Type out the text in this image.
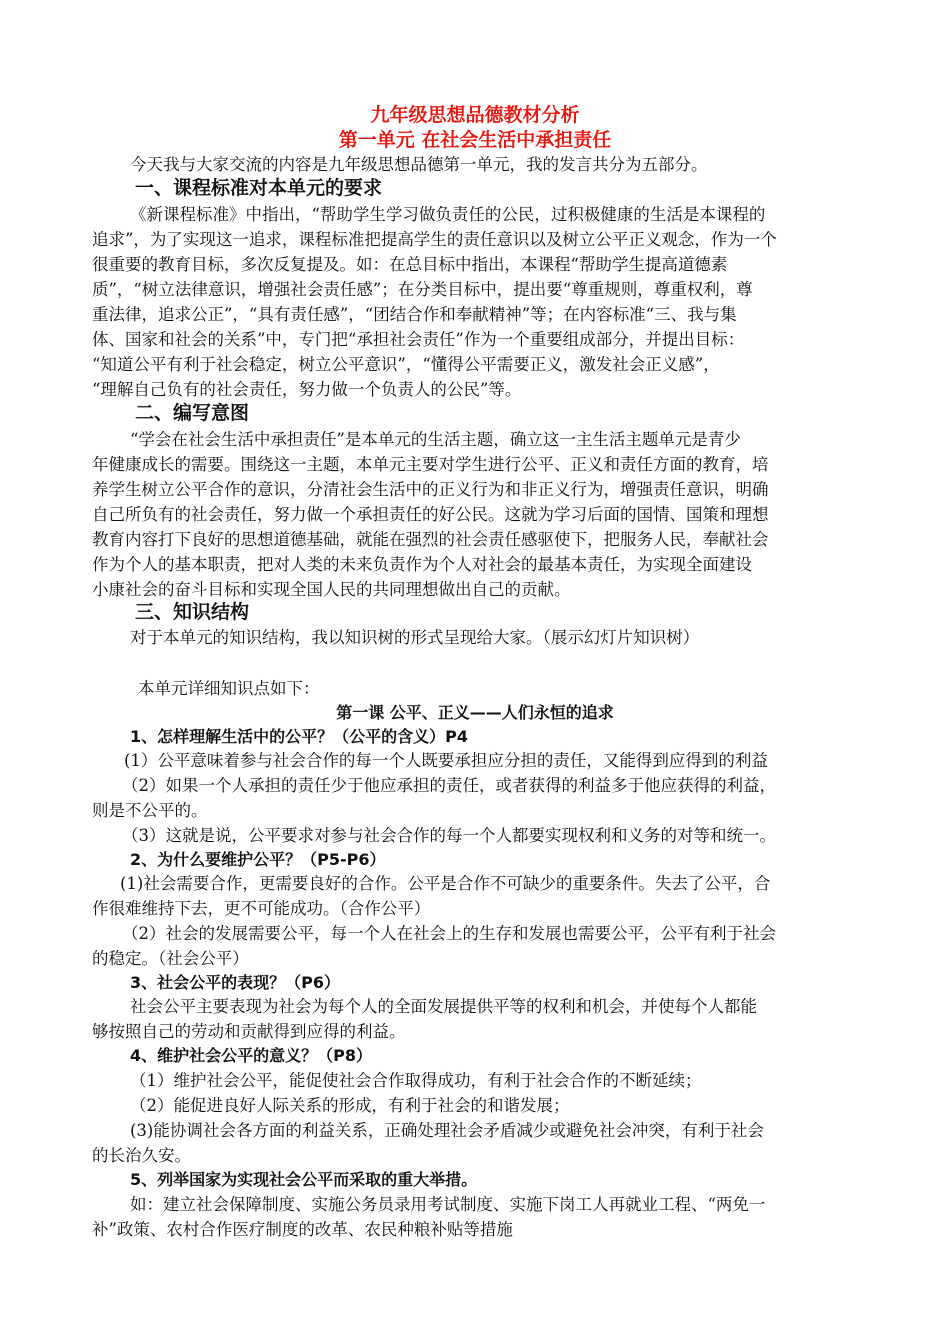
九年级思想品德教材分析
第一单元 在社会生活中承担责任
今天我与大家交流的内容是九年级思想品德第一单元，我的发言共分为五部分。
一、课程标准对本单元的要求
《新课程标准》中指出，“帮助学生学习做负责任的公民，过积极健康的生活是本课程的
追求”，为了实现这一追求，课程标准把提高学生的责任意识以及树立公平正义观念，作为一个
很重要的教育目标，多次反复提及。如：在总目标中指出，本课程“帮助学生提高道德素
质”，“树立法律意识，增强社会责任感”；在分类目标中，提出要“尊重规则，尊重权利，尊
重法律，追求公正”，“具有责任感”，“团结合作和奉献精神”等；在内容标准“三、我与集
体、国家和社会的关系”中，专门把“承担社会责任”作为一个重要组成部分，并提出目标：
“知道公平有利于社会稳定，树立公平意识”，“懂得公平需要正义，激发社会正义感”，
“理解自己负有的社会责任，努力做一个负责人的公民”等。
二、编写意图
“学会在社会生活中承担责任”是本单元的生活主题，确立这一主生活主题单元是青少
年健康成长的需要。围绕这一主题，本单元主要对学生进行公平、正义和责任方面的教育，培
养学生树立公平合作的意识，分清社会生活中的正义行为和非正义行为，增强责任意识，明确
自己所负有的社会责任，努力做一个承担责任的好公民。这就为学习后面的国情、国策和理想
教育内容打下良好的思想道德基础，就能在强烈的社会责任感驱使下，把服务人民，奉献社会
作为个人的基本职责，把对人类的未来负责作为个人对社会的最基本责任，为实现全面建设
小康社会的奋斗目标和实现全国人民的共同理想做出自己的贡献。
三、知识结构
对于本单元的知识结构，我以知识树的形式呈现给大家。（展示幻灯片知识树）
本单元详细知识点如下：
第一课 公平、正义——人们永恒的追求
1、怎样理解生活中的公平？（公平的含义）P4
(1）公平意味着参与社会合作的每一个人既要承担应分担的责任，又能得到应得到的利益
（2）如果一个人承担的责任少于他应承担的责任，或者获得的利益多于他应获得的利益，
则是不公平的。
（3）这就是说，公平要求对参与社会合作的每一个人都要实现权利和义务的对等和统一。
2、为什么要维护公平？（P5-P6）
(1)社会需要合作，更需要良好的合作。公平是合作不可缺少的重要条件。失去了公平，合
作很难维持下去，更不可能成功。（合作公平）
（2）社会的发展需要公平，每一个人在社会上的生存和发展也需要公平，公平有利于社会
的稳定。（社会公平）
3、社会公平的表现？（P6）
社会公平主要表现为社会为每个人的全面发展提供平等的权利和机会，并使每个人都能
够按照自己的劳动和贡献得到应得的利益。
4、维护社会公平的意义？（P8）
（1）维护社会公平，能促使社会合作取得成功，有利于社会合作的不断延续；
（2）能促进良好人际关系的形成，有利于社会的和谐发展；
(3)能协调社会各方面的利益关系，正确处理社会矛盾减少或避免社会冲突，有利于社会
的长治久安。
5、列举国家为实现社会公平而采取的重大举措。
如：建立社会保障制度、实施公务员录用考试制度、实施下岗工人再就业工程、“两免一
补”政策、农村合作医疗制度的改革、农民种粮补贴等措施
